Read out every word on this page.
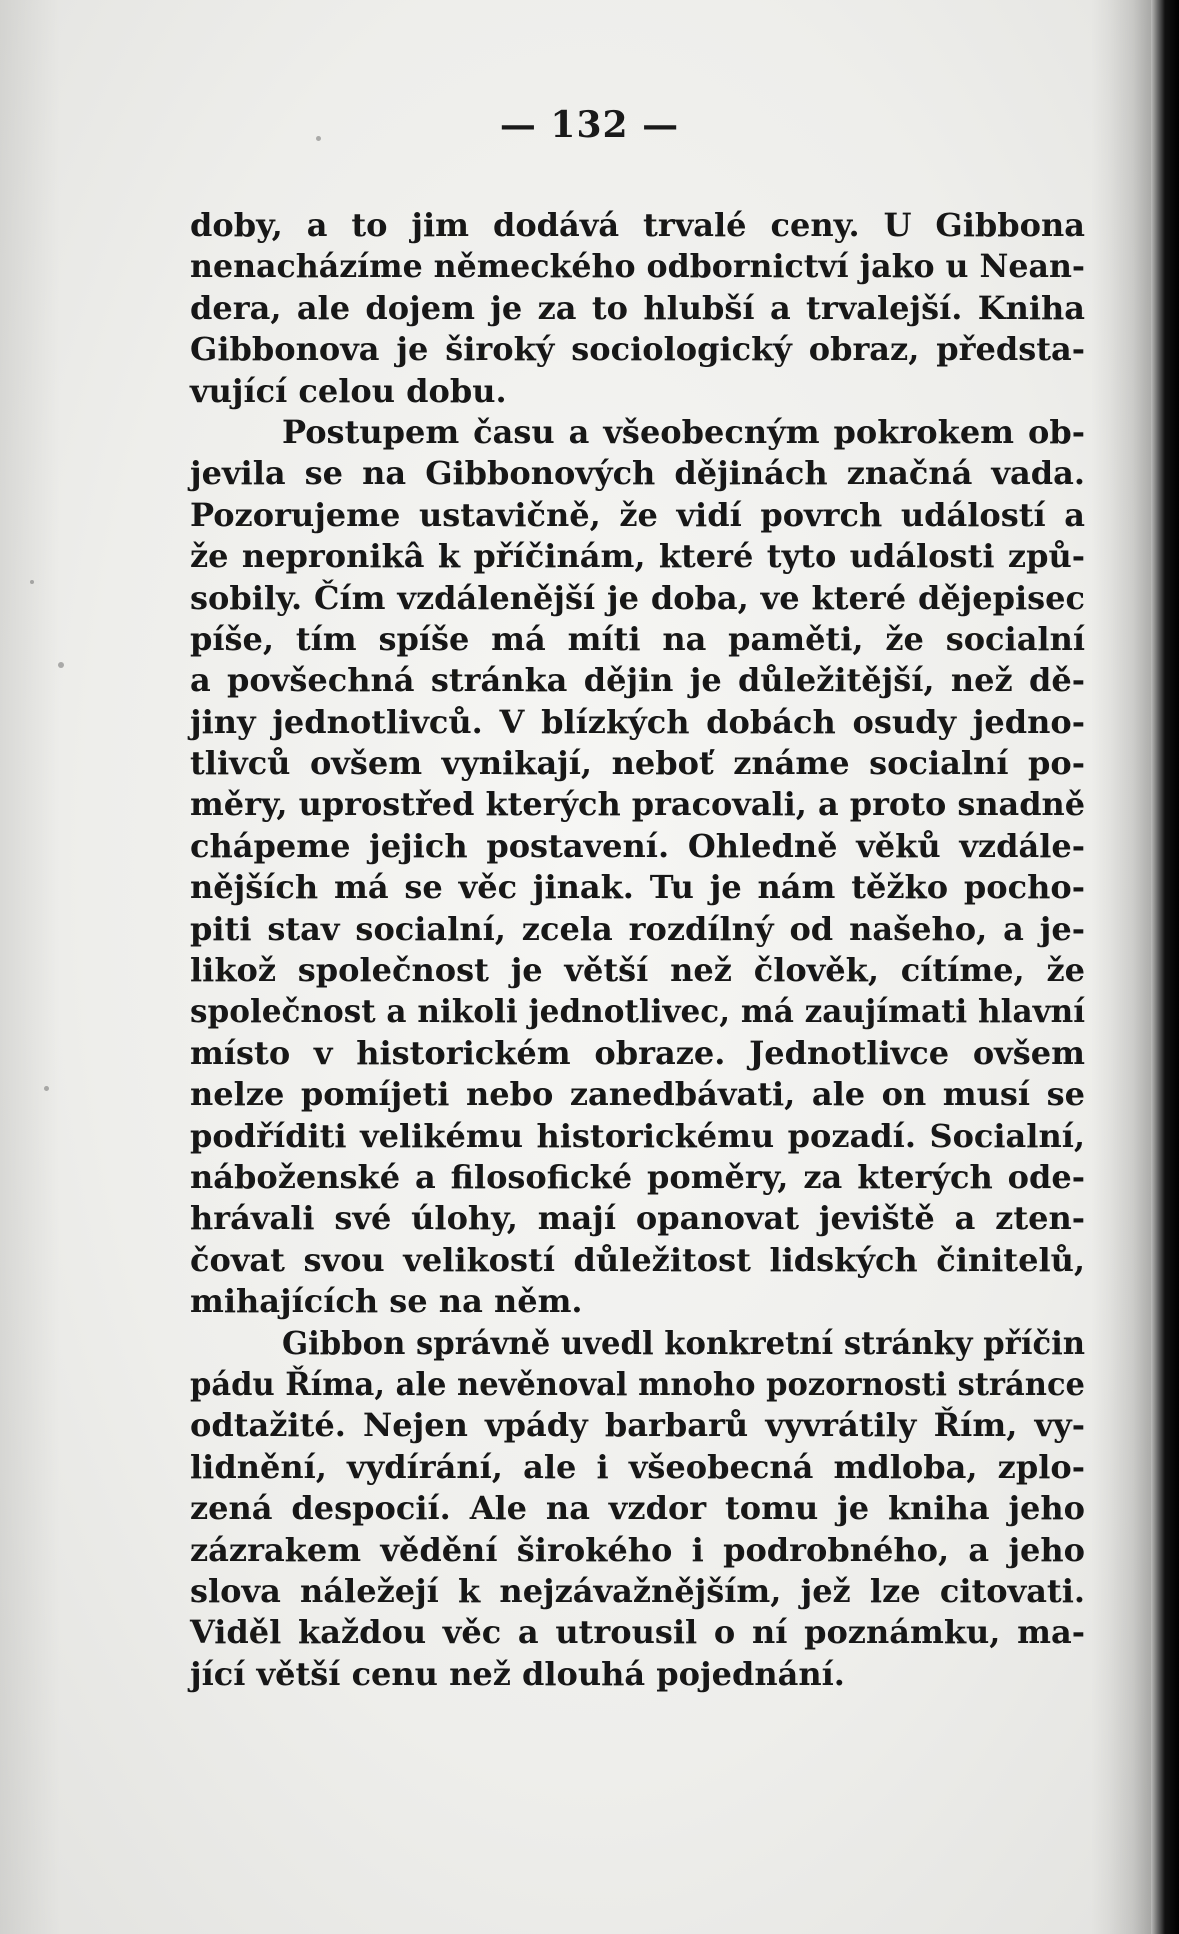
— 132 —
doby, a to jim dodává trvalé ceny. U Gibbona
nenacházíme německého odbornictví jako u Nean-
dera, ale dojem je za to hlubší a trvalejší. Kniha
Gibbonova je široký sociologický obraz, předsta-
vující celou dobu.
Postupem času a všeobecným pokrokem ob-
jevila se na Gibbonových dějinách značná vada.
Pozorujeme ustavičně, že vidí povrch událostí a
že nepronikâ k příčinám, které tyto události způ-
sobily. Čím vzdálenější je doba, ve které dějepisec
píše, tím spíše má míti na paměti, že socialní
a povšechná stránka dějin je důležitější, než dě-
jiny jednotlivců. V blízkých dobách osudy jedno-
tlivců ovšem vynikají, neboť známe socialní po-
měry, uprostřed kterých pracovali, a proto snadně
chápeme jejich postavení. Ohledně věků vzdále-
nějších má se věc jinak. Tu je nám těžko pocho-
piti stav socialní, zcela rozdílný od našeho, a je-
likož společnost je větší než člověk, cítíme, že
společnost a nikoli jednotlivec, má zaujímati hlavní
místo v historickém obraze. Jednotlivce ovšem
nelze pomíjeti nebo zanedbávati, ale on musí se
podříditi velikému historickému pozadí. Socialní,
náboženské a filosofické poměry, za kterých ode-
hrávali své úlohy, mají opanovat jeviště a zten-
čovat svou velikostí důležitost lidských činitelů,
mihajících se na něm.
Gibbon správně uvedl konkretní stránky příčin
pádu Říma, ale nevěnoval mnoho pozornosti stránce
odtažité. Nejen vpády barbarů vyvrátily Řím, vy-
lidnění, vydírání, ale i všeobecná mdloba, zplo-
zená despocií. Ale na vzdor tomu je kniha jeho
zázrakem vědění širokého i podrobného, a jeho
slova náležejí k nejzávažnějším, jež lze citovati.
Viděl každou věc a utrousil o ní poznámku, ma-
jící větší cenu než dlouhá pojednání.
